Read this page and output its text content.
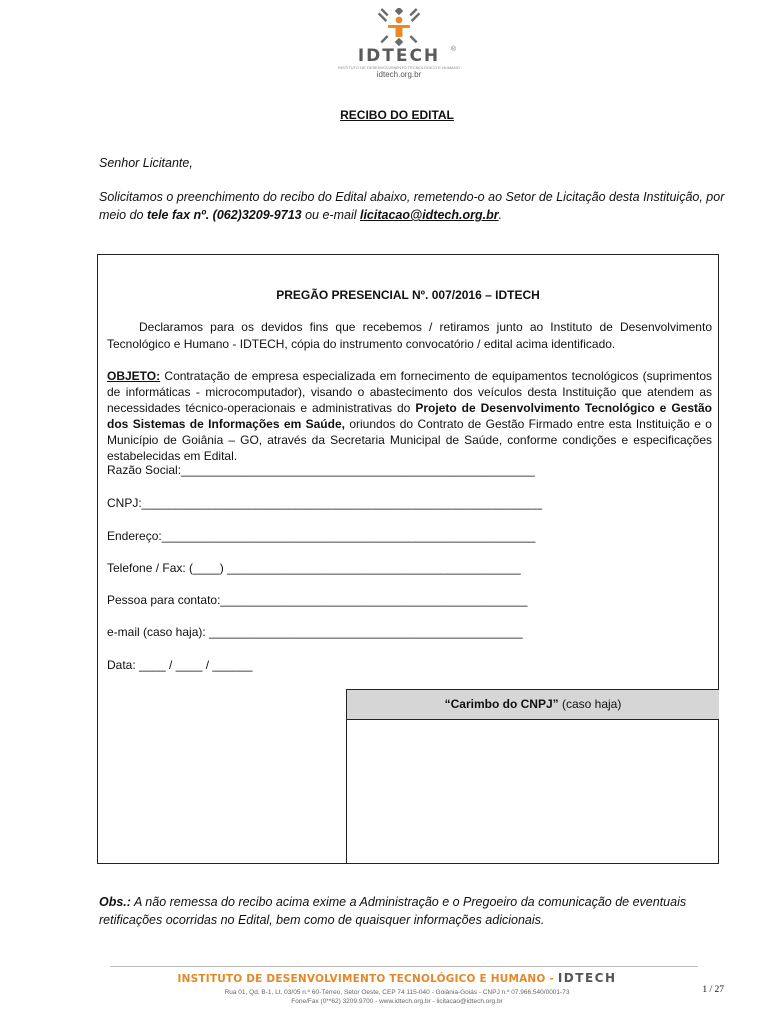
IDTECH
INSTITUTO DE DESENVOLVIMENTO TECNOLÓGICO E HUMANO
idtech.org.br
®
RECIBO DO EDITAL
Senhor Licitante,
Solicitamos o preenchimento do recibo do Edital abaixo, remetendo-o ao Setor de Licitação desta Instituição, por meio do tele fax nº. (062)3209-9713 ou e-mail licitacao@idtech.org.br.
PREGÃO PRESENCIAL Nº. 007/2016 – IDTECH
Declaramos para os devidos fins que recebemos / retiramos junto ao Instituto de Desenvolvimento Tecnológico e Humano - IDTECH, cópia do instrumento convocatório / edital acima identificado.
OBJETO: Contratação de empresa especializada em fornecimento de equipamentos tecnológicos (suprimentos de informáticas - microcomputador), visando o abastecimento dos veículos desta Instituição que atendem as necessidades técnico-operacionais e administrativas do Projeto de Desenvolvimento Tecnológico e Gestão dos Sistemas de Informações em Saúde, oriundos do Contrato de Gestão Firmado entre esta Instituição e o Município de Goiânia – GO, através da Secretaria Municipal de Saúde, conforme condições e especificações estabelecidas em Edital.
Razão Social:_____________________________________________________
CNPJ:____________________________________________________________
Endereço:________________________________________________________
Telefone / Fax: (____) ____________________________________________
Pessoa para contato:______________________________________________
e-mail (caso haja): _______________________________________________
Data: ____ / ____ / ______
“Carimbo do CNPJ” (caso haja)
Obs.: A não remessa do recibo acima exime a Administração e o Pregoeiro da comunicação de eventuais retificações ocorridas no Edital, bem como de quaisquer informações adicionais.
INSTITUTO DE DESENVOLVIMENTO TECNOLÓGICO E HUMANO - IDTECH
Rua 01, Qd. B-1, Lt. 03/05 n.º 60-Térreo, Setor Oeste, CEP 74 115-040 - Goiânia-Goiás - CNPJ n.º 07.966.540/0001-73
Fone/Fax (0**62) 3209.9700 - www.idtech.org.br - licitacao@idtech.org.br
1 / 27
